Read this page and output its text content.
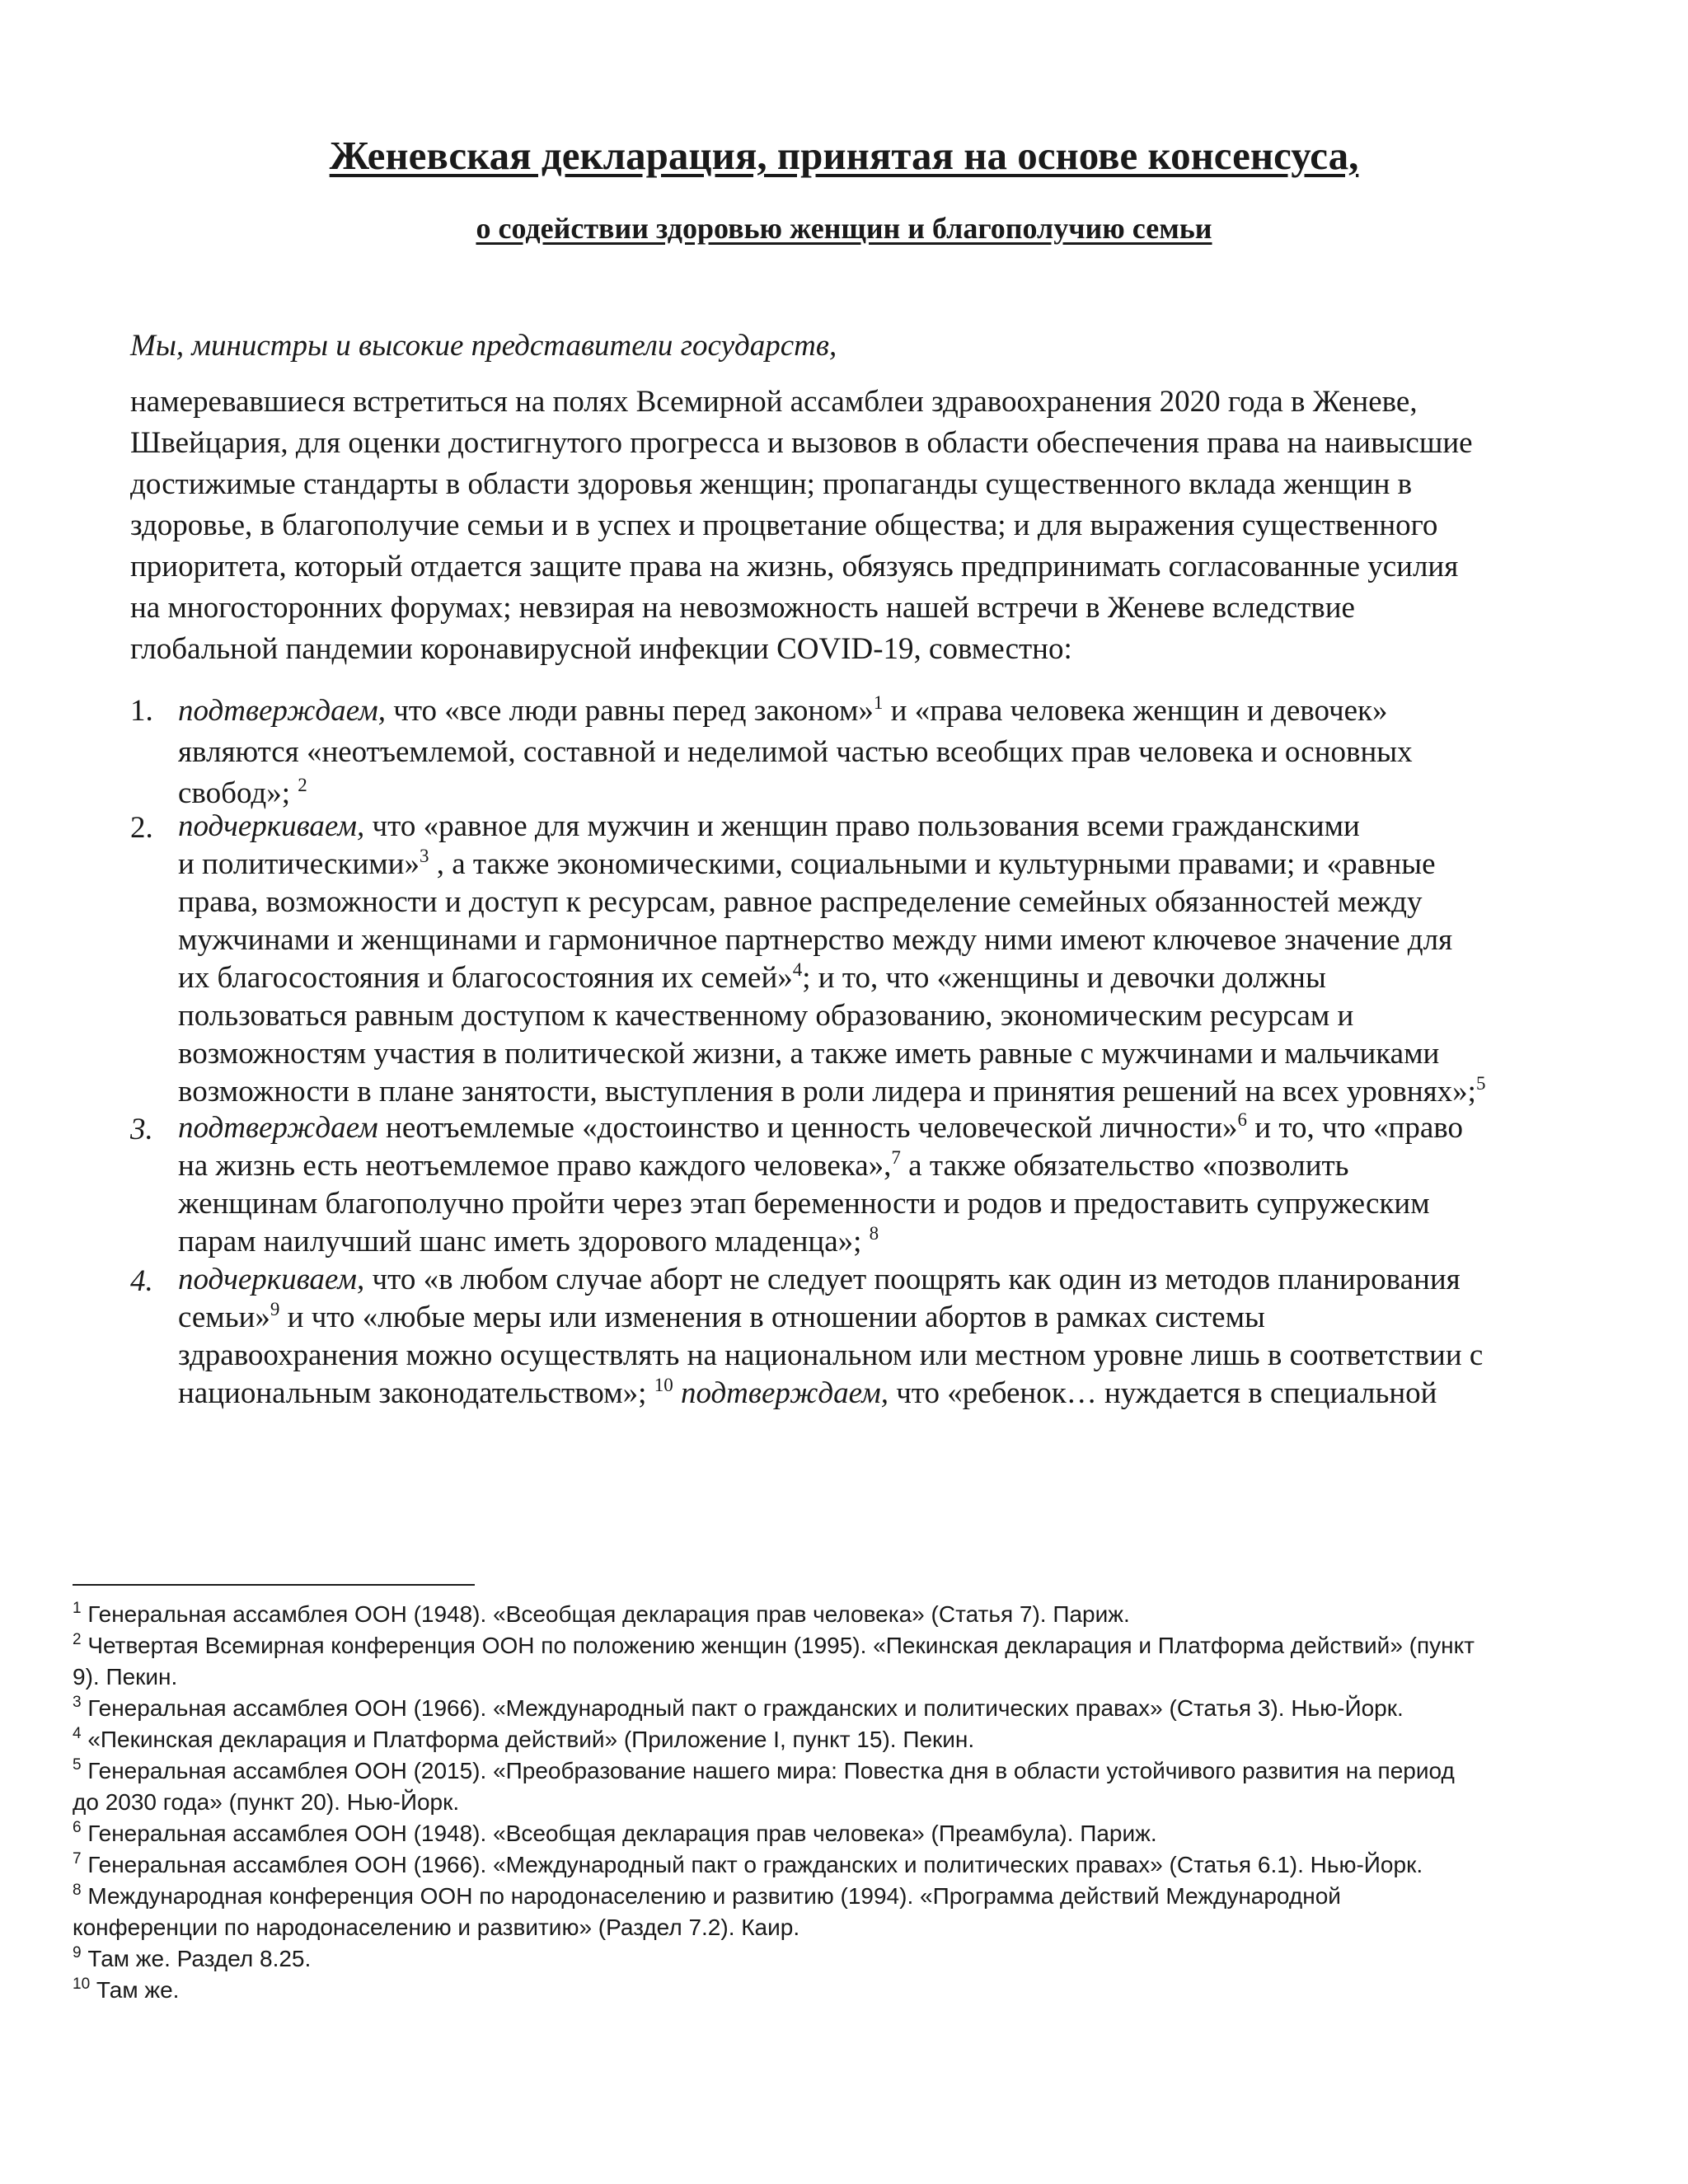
Женевская декларация, принятая на основе консенсуса,
о содействии здоровью женщин и благополучию семьи

Мы, министры и высокие представители государств,

намеревавшиеся встретиться на полях Всемирной ассамблеи здравоохранения 2020 года в Женеве,
Швейцария, для оценки достигнутого прогресса и вызовов в области обеспечения права на наивысшие
достижимые стандарты в области здоровья женщин; пропаганды существенного вклада женщин в
здоровье, в благополучие семьи и в успех и процветание общества; и для выражения существенного
приоритета, который отдается защите права на жизнь, обязуясь предпринимать согласованные усилия
на многосторонних форумах; невзирая на невозможность нашей встречи в Женеве вследствие
глобальной пандемии коронавирусной инфекции COVID-19, совместно:
1. подтверждаем, что «все люди равны перед законом»$^1$ и «права человека женщин и девочек»
являются «неотъемлемой, составной и неделимой частью всеобщих прав человека и основных
свобод»; $^2$
2. подчеркиваем, что «равное для мужчин и женщин право пользования всеми гражданскими
и политическими»$^3$ , а также экономическими, социальными и культурными правами; и «равные
права, возможности и доступ к ресурсам, равное распределение семейных обязанностей между
мужчинами и женщинами и гармоничное партнерство между ними имеют ключевое значение для
их благосостояния и благосостояния их семей»$^4$; и то, что «женщины и девочки должны
пользоваться равным доступом к качественному образованию, экономическим ресурсам и
возможностям участия в политической жизни, а также иметь равные с мужчинами и мальчиками
возможности в плане занятости, выступления в роли лидера и принятия решений на всех уровнях»;$^5$
3. подтверждаем неотъемлемые «достоинство и ценность человеческой личности»$^6$ и то, что «право
на жизнь есть неотъемлемое право каждого человека»,$^7$ а также обязательство «позволить
женщинам благополучно пройти через этап беременности и родов и предоставить супружеским
парам наилучший шанс иметь здорового младенца»; $^8$
4. подчеркиваем, что «в любом случае аборт не следует поощрять как один из методов планирования
семьи»$^9$ и что «любые меры или изменения в отношении абортов в рамках системы
здравоохранения можно осуществлять на национальном или местном уровне лишь в соответствии с
национальным законодательством»; $^{10}$ подтверждаем, что «ребенок… нуждается в специальной
$^1$ Генеральная ассамблея ООН (1948). «Всеобщая декларация прав человека» (Статья 7). Париж.
$^2$ Четвертая Всемирная конференция ООН по положению женщин (1995). «Пекинская декларация и Платформа действий» (пункт
9). Пекин.
$^3$ Генеральная ассамблея ООН (1966). «Международный пакт о гражданских и политических правах» (Статья 3). Нью-Йорк.
$^4$ «Пекинская декларация и Платформа действий» (Приложение I, пункт 15). Пекин.
$^5$ Генеральная ассамблея ООН (2015). «Преобразование нашего мира: Повестка дня в области устойчивого развития на период
до 2030 года» (пункт 20). Нью-Йорк.
$^6$ Генеральная ассамблея ООН (1948). «Всеобщая декларация прав человека» (Преамбула). Париж.
$^7$ Генеральная ассамблея ООН (1966). «Международный пакт о гражданских и политических правах» (Статья 6.1). Нью-Йорк.
$^8$ Международная конференция ООН по народонаселению и развитию (1994). «Программа действий Международной
конференции по народонаселению и развитию» (Раздел 7.2). Каир.
$^9$ Там же. Раздел 8.25.
$^{10}$ Там же.
